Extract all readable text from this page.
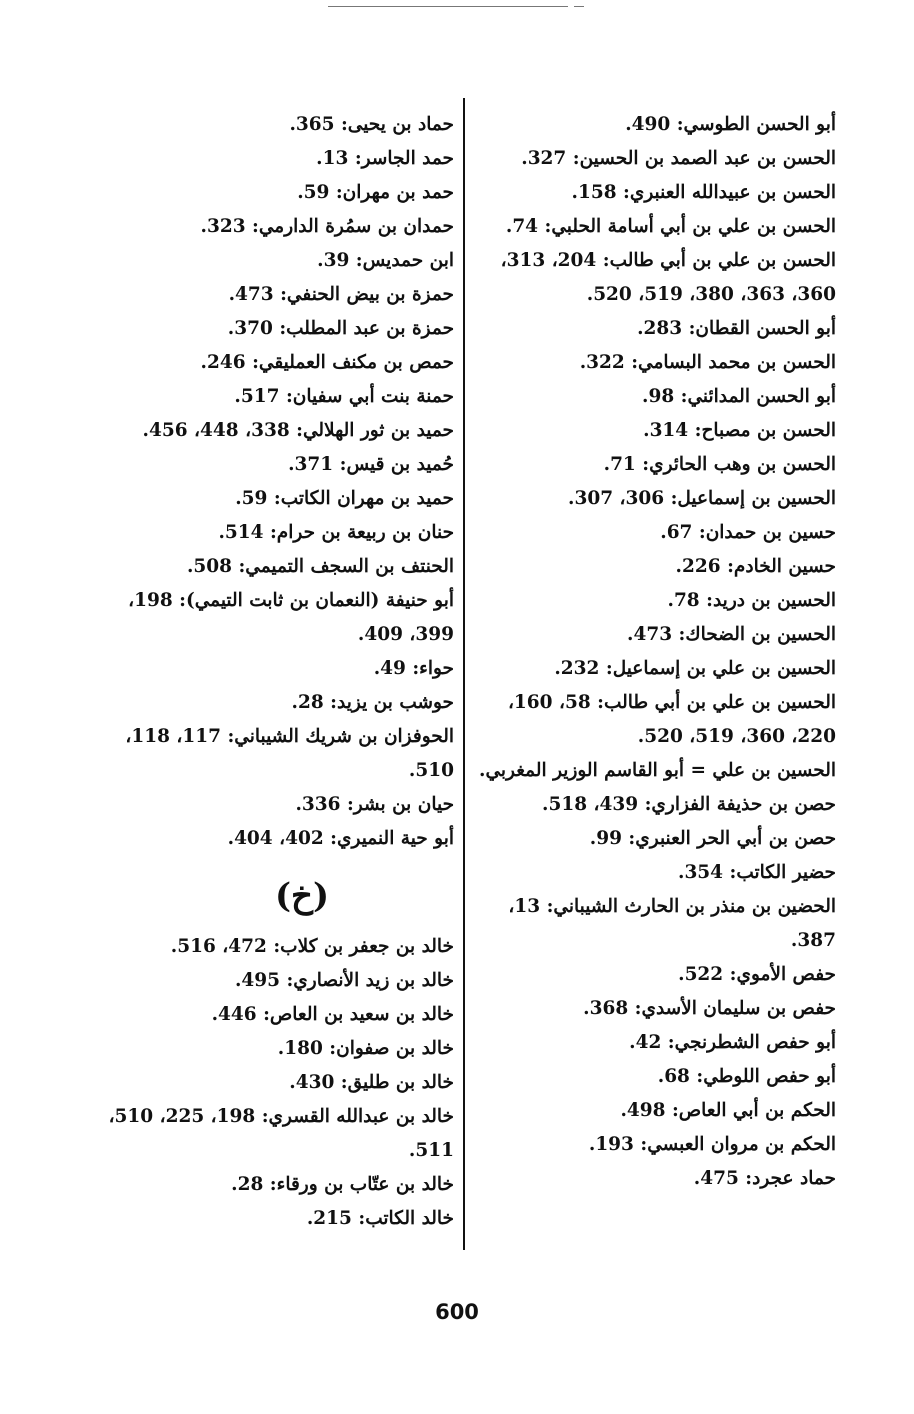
أبو الحسن الطوسي: 490.

الحسن بن عبد الصمد بن الحسين: 327.

الحسن بن عبيدالله العنبري: 158.

الحسن بن علي بن أبي أسامة الحلبي: 74.

الحسن بن علي بن أبي طالب: 204، 313، 360، 363، 380، 519، 520.

أبو الحسن القطان: 283.

الحسن بن محمد البسامي: 322.

أبو الحسن المدائني: 98.

الحسن بن مصباح: 314.

الحسن بن وهب الحائري: 71.

الحسين بن إسماعيل: 306، 307.

حسين بن حمدان: 67.

حسين الخادم: 226.

الحسين بن دريد: 78.

الحسين بن الضحاك: 473.

الحسين بن علي بن إسماعيل: 232.

الحسين بن علي بن أبي طالب: 58، 160، 220، 360، 519، 520.

الحسين بن علي = أبو القاسم الوزير المغربي.

حصن بن حذيفة الفزاري: 439، 518.

حصن بن أبي الحر العنبري: 99.

حضير الكاتب: 354.

الحضين بن منذر بن الحارث الشيباني: 13، 387.

حفص الأموي: 522.

حفص بن سليمان الأسدي: 368.

أبو حفص الشطرنجي: 42.

أبو حفص اللوطي: 68.

الحكم بن أبي العاص: 498.

الحكم بن مروان العبسي: 193.

حماد عجرد: 475.

حماد بن يحيى: 365.

حمد الجاسر: 13.

حمد بن مهران: 59.

حمدان بن سمُرة الدارمي: 323.

ابن حمديس: 39.

حمزة بن بيض الحنفي: 473.

حمزة بن عبد المطلب: 370.

حمص بن مكنف العمليقي: 246.

حمنة بنت أبي سفيان: 517.

حميد بن ثور الهلالي: 338، 448، 456.

حُميد بن قيس: 371.

حميد بن مهران الكاتب: 59.

حنان بن ربيعة بن حرام: 514.

الحنتف بن السجف التميمي: 508.

أبو حنيفة (النعمان بن ثابت التيمي): 198، 399، 409.

حواء: 49.

حوشب بن يزيد: 28.

الحوفزان بن شريك الشيباني: 117، 118، 510.

حيان بن بشر: 336.

أبو حية النميري: 402، 404.

(خ)

خالد بن جعفر بن كلاب: 472، 516.

خالد بن زيد الأنصاري: 495.

خالد بن سعيد بن العاص: 446.

خالد بن صفوان: 180.

خالد بن طليق: 430.

خالد بن عبدالله القسري: 198، 225، 510، 511.

خالد بن عتّاب بن ورقاء: 28.

خالد الكاتب: 215.

600
